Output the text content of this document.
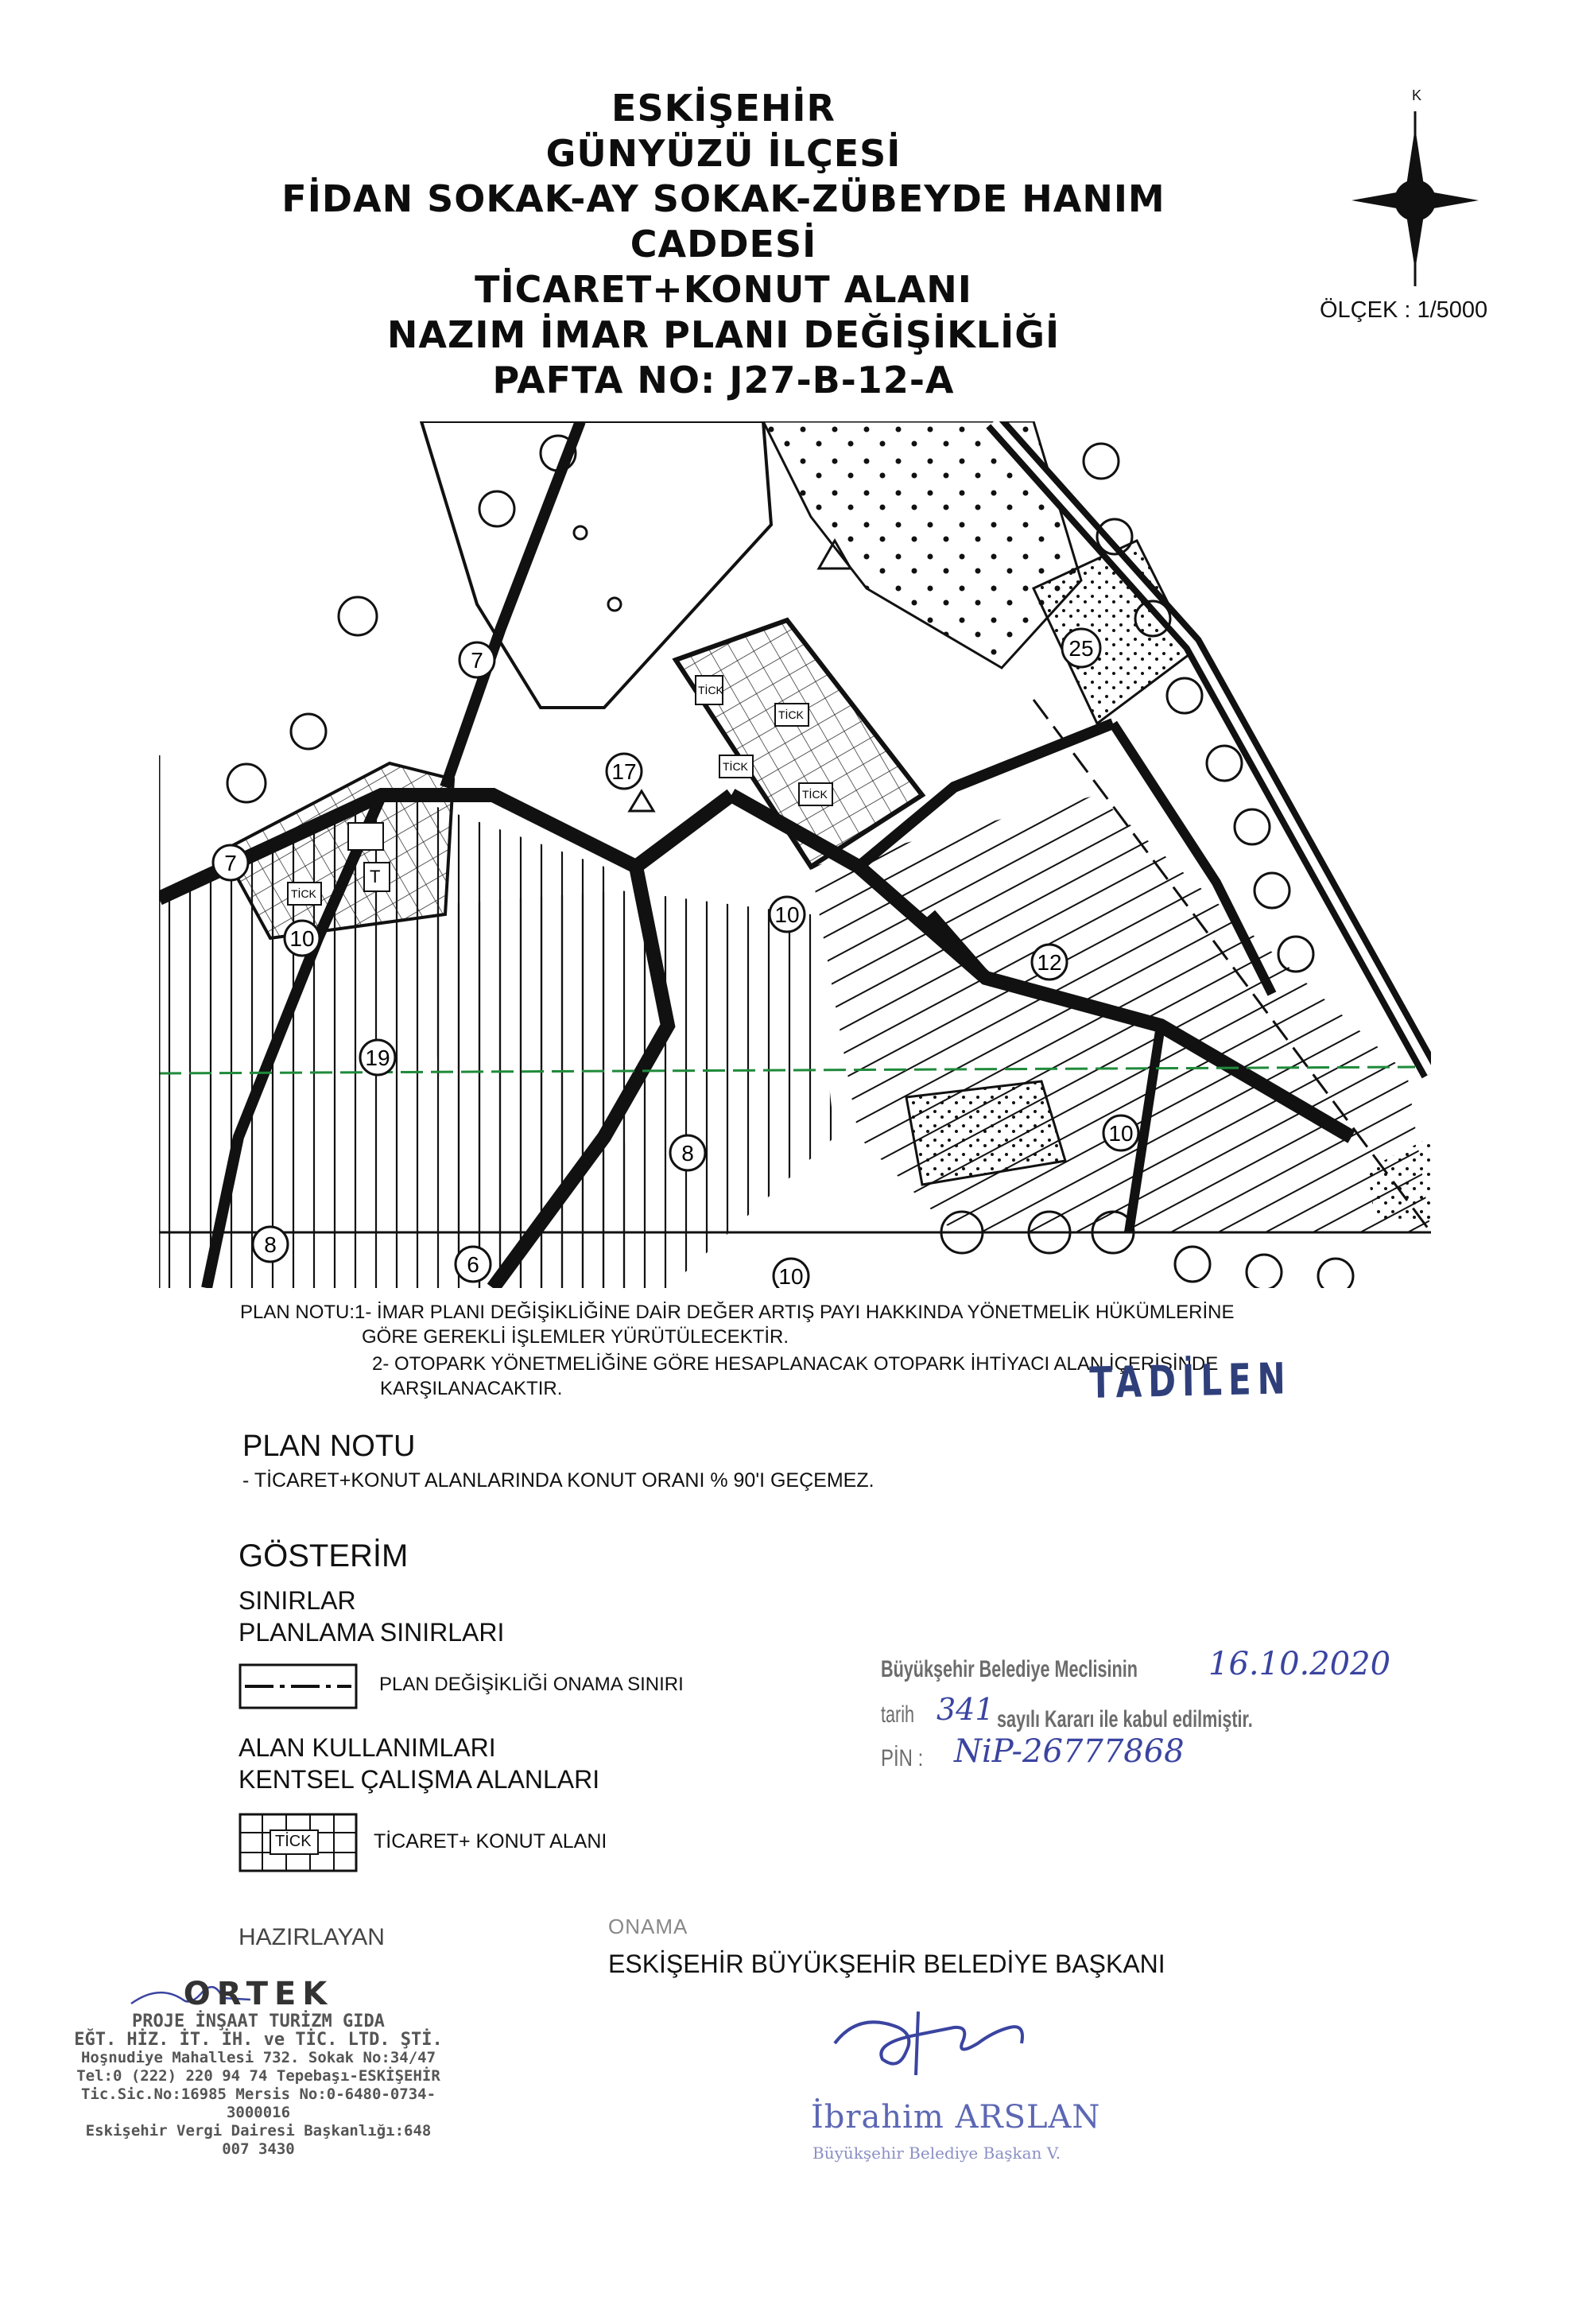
ESKİŞEHİR
GÜNYÜZÜ İLÇESİ
FİDAN SOKAK-AY SOKAK-ZÜBEYDE HANIM CADDESİ
TİCARET+KONUT ALANI
NAZIM İMAR PLANI DEĞİŞİKLİĞİ
PAFTA NO: J27-B-12-A
K
ÖLÇEK : 1/5000
7
17
7
10
10
25
19
8
8
6
10
10
12
TİCK
TİCK
TİCK
TİCK
TİCK
T
PLAN NOTU:1- İMAR PLANI DEĞİŞİKLİĞİNE DAİR DEĞER ARTIŞ PAYI HAKKINDA YÖNETMELİK HÜKÜMLERİNE
GÖRE GEREKLİ İŞLEMLER YÜRÜTÜLECEKTİR.
2- OTOPARK YÖNETMELİĞİNE GÖRE HESAPLANACAK OTOPARK İHTİYACI ALAN İÇERİSİNDE
KARŞILANACAKTIR.	TADİLEN
PLAN NOTU
- TİCARET+KONUT ALANLARINDA KONUT ORANI % 90'I GEÇEMEZ.
GÖSTERİM
SINIRLAR
PLANLAMA SINIRLARI
PLAN DEĞİŞİKLİĞİ ONAMA SINIRI
ALAN KULLANIMLARI
KENTSEL ÇALIŞMA ALANLARI
TİCK	TİCARET+ KONUT ALANI
Büyükşehir Belediye Meclisinin 16.10.2020
tarih 341 sayılı Kararı ile kabul edilmiştir.
PİN : NiP-26777868
HAZIRLAYAN	ONAMA
ESKİŞEHİR BÜYÜKŞEHİR BELEDİYE BAŞKANI
ORTEK
PROJE İNŞAAT TURİZM GIDA
EĞT. HİZ. İT. İH. ve TİC. LTD. ŞTİ.
Hoşnudiye Mahallesi 732. Sokak No:34/47
Tel:0 (222) 220 94 74 Tepebaşı-ESKİŞEHİR
Tic.Sic.No:16985 Mersis No:0-6480-0734-3000016
Eskişehir Vergi Dairesi Başkanlığı:648 007 3430
İbrahim ARSLAN
Büyükşehir Belediye Başkan V.
